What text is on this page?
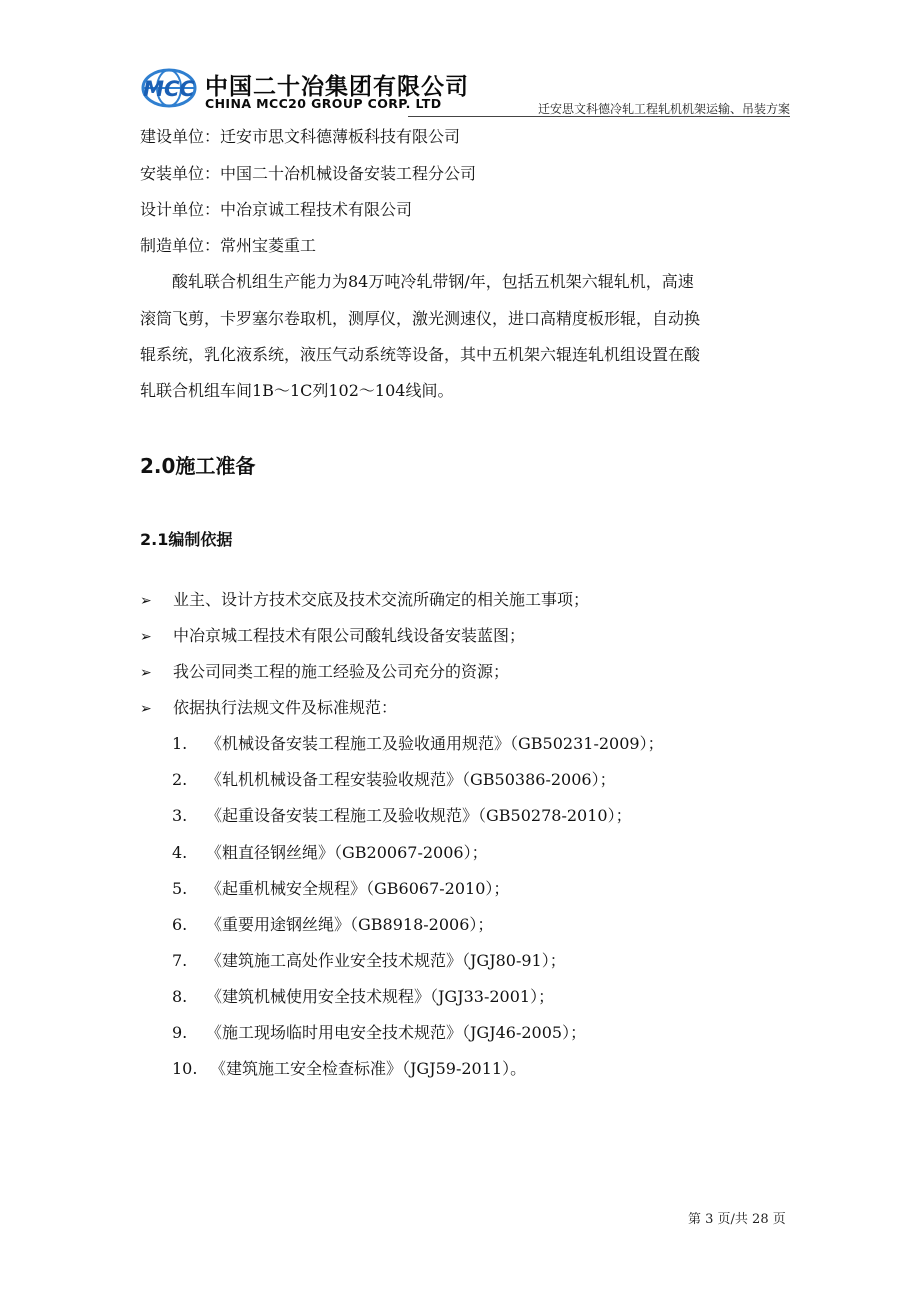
MCC 中国二十冶集团有限公司
CHINA MCC20 GROUP CORP. LTD	迁安思文科德冷轧工程轧机机架运输、吊装方案
建设单位：迁安市思文科德薄板科技有限公司
安装单位：中国二十冶机械设备安装工程分公司
设计单位：中冶京诚工程技术有限公司
制造单位：常州宝菱重工
酸轧联合机组生产能力为84万吨冷轧带钢/年，包括五机架六辊轧机，高速
滚筒飞剪，卡罗塞尔卷取机，测厚仪，激光测速仪，进口高精度板形辊，自动换
辊系统，乳化液系统，液压气动系统等设备，其中五机架六辊连轧机组设置在酸
轧联合机组车间1B～1C列102～104线间。
2.0施工准备
2.1编制依据
➢ 业主、设计方技术交底及技术交流所确定的相关施工事项；
➢ 中冶京城工程技术有限公司酸轧线设备安装蓝图；
➢ 我公司同类工程的施工经验及公司充分的资源；
➢ 依据执行法规文件及标准规范：
1. 《机械设备安装工程施工及验收通用规范》（GB50231-2009）；
2. 《轧机机械设备工程安装验收规范》（GB50386-2006）；
3. 《起重设备安装工程施工及验收规范》（GB50278-2010）；
4. 《粗直径钢丝绳》（GB20067-2006）；
5. 《起重机械安全规程》（GB6067-2010）；
6. 《重要用途钢丝绳》（GB8918-2006）；
7. 《建筑施工高处作业安全技术规范》（JGJ80-91）；
8. 《建筑机械使用安全技术规程》（JGJ33-2001）；
9. 《施工现场临时用电安全技术规范》（JGJ46-2005）；
10. 《建筑施工安全检查标准》（JGJ59-2011）。
第 3 页/共 28 页
